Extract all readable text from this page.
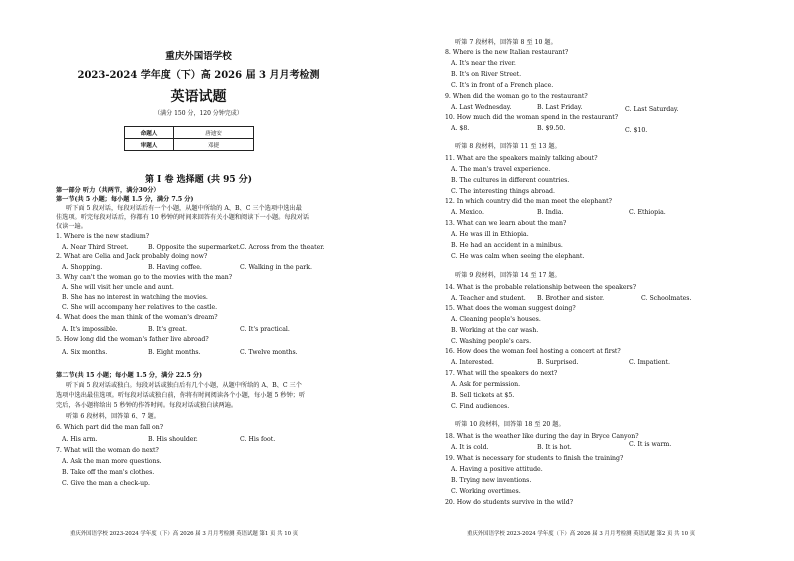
重庆外国语学校
2023-2024 学年度（下）高 2026 届 3 月月考检测
英语试题
（满分 150 分，120 分钟完成）
命题人	唐迪安
审题人	邓捷
第 I 卷 选择题 (共 95 分)
第一部分 听力（共两节，满分30分）
第一节(共 5 小题；每小题 1.5 分，满分 7.5 分)
听下面 5 段对话，每段对话后有一个小题，从题中所给的 A、B、C 三个选项中选出最
佳选项。听完每段对话后，你都有 10 秒钟的时间来回答有关小题和阅读下一小题。每段对话
仅读一遍。
1. Where is the new stadium?
A. Near Third Street.	B. Opposite the supermarket. C. Across from the theater.
2. What are Celia and Jack probably doing now?
A. Shopping.	B. Having coffee.	C. Walking in the park.
3. Why can't the woman go to the movies with the man?
A. She will visit her uncle and aunt.
B. She has no interest in watching the movies.
C. She will accompany her relatives to the castle.
4. What does the man think of the woman's dream?
A. It's impossible.	B. It's great.	C. It's practical.
5. How long did the woman's father live abroad?
A. Six months.	B. Eight months.	C. Twelve months.
第二节(共 15 小题；每小题 1.5 分，满分 22.5 分)
听下面 5 段对话或独白。每段对话或独白后有几个小题，从题中所给的 A、B、C 三个
选项中选出最佳选项。听每段对话或独白前，你将有时间阅读各个小题，每小题 5 秒钟；听
完后，各小题将给出 5 秒钟的作答时间。每段对话或独白读两遍。
听第 6 段材料，回答第 6、7 题。
6. Which part did the man fall on?
A. His arm.	B. His shoulder.	C. His foot.
7. What will the woman do next?
A. Ask the man more questions.
B. Take off the man's clothes.
C. Give the man a check-up.
重庆外国语学校 2023-2024 学年度（下）高 2026 届 3 月月考检测 英语试题 第1 页 共 10 页
听第 7 段材料，回答第 8 至 10 题。
8. Where is the new Italian restaurant?
A. It's near the river.
B. It's on River Street.
C. It's in front of a French place.
9. When did the woman go to the restaurant?
A. Last Wednesday.	B. Last Friday.	C. Last Saturday.
10. How much did the woman spend in the restaurant?
A. $8.	B. $9.50.	C. $10.
听第 8 段材料，回答第 11 至 13 题。
11. What are the speakers mainly talking about?
A. The man's travel experience.
B. The cultures in different countries.
C. The interesting things abroad.
12. In which country did the man meet the elephant?
A. Mexico.	B. India.	C. Ethiopia.
13. What can we learn about the man?
A. He was ill in Ethiopia.
B. He had an accident in a minibus.
C. He was calm when seeing the elephant.
听第 9 段材料，回答第 14 至 17 题。
14. What is the probable relationship between the speakers?
A. Teacher and student. B. Brother and sister.	C. Schoolmates.
15. What does the woman suggest doing?
A. Cleaning people's houses.
B. Working at the car wash.
C. Washing people's cars.
16. How does the woman feel hosting a concert at first?
A. Interested.	B. Surprised.	C. Impatient.
17. What will the speakers do next?
A. Ask for permission.
B. Sell tickets at $5.
C. Find audiences.
听第 10 段材料，回答第 18 至 20 题。
18. What is the weather like during the day in Bryce Canyon?
A. It is cold.	B. It is hot.	C. It is warm.
19. What is necessary for students to finish the training?
A. Having a positive attitude.
B. Trying new inventions.
C. Working overtimes.
20. How do students survive in the wild?
重庆外国语学校 2023-2024 学年度（下）高 2026 届 3 月月考检测 英语试题 第2 页 共 10 页
